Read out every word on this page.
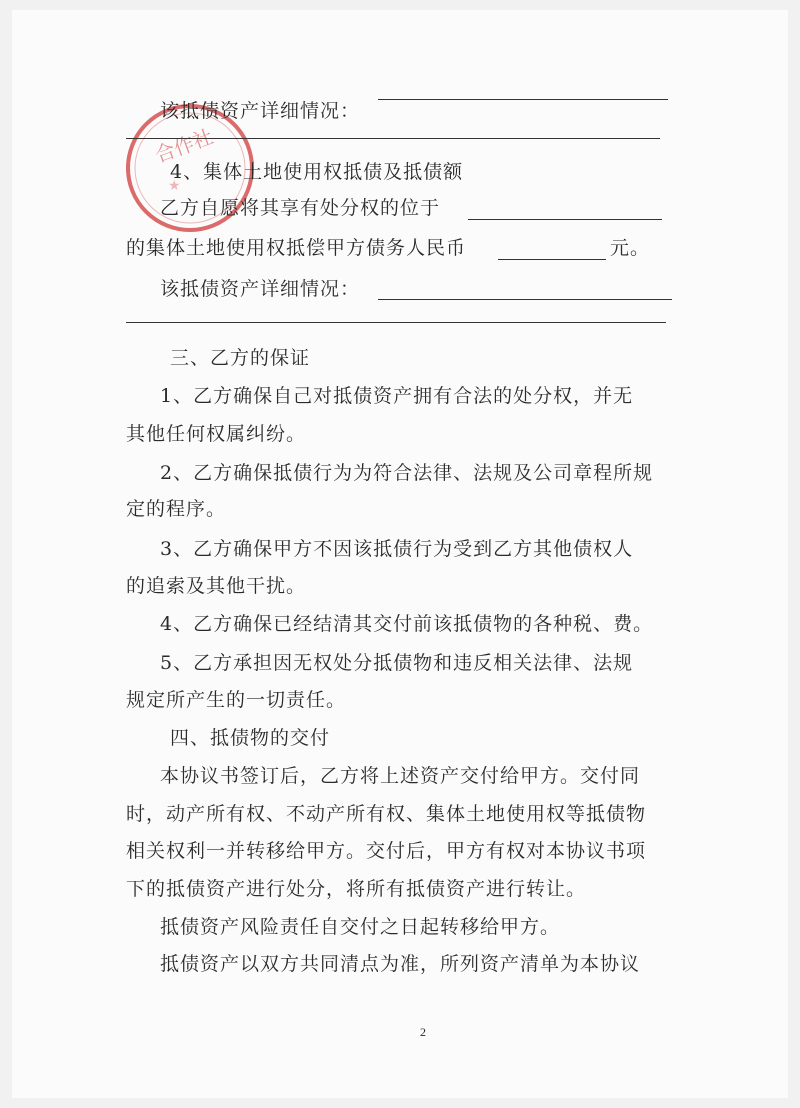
合作社
★
该抵债资产详细情况：
4、集体土地使用权抵债及抵债额
乙方自愿将其享有处分权的位于
的集体土地使用权抵偿甲方债务人民币	元。
该抵债资产详细情况：
三、乙方的保证
1、乙方确保自己对抵债资产拥有合法的处分权，并无
其他任何权属纠纷。
2、乙方确保抵债行为为符合法律、法规及公司章程所规
定的程序。
3、乙方确保甲方不因该抵债行为受到乙方其他债权人
的追索及其他干扰。
4、乙方确保已经结清其交付前该抵债物的各种税、费。
5、乙方承担因无权处分抵债物和违反相关法律、法规
规定所产生的一切责任。
四、抵债物的交付
本协议书签订后，乙方将上述资产交付给甲方。交付同
时，动产所有权、不动产所有权、集体土地使用权等抵债物
相关权利一并转移给甲方。交付后，甲方有权对本协议书项
下的抵债资产进行处分，将所有抵债资产进行转让。
抵债资产风险责任自交付之日起转移给甲方。
抵债资产以双方共同清点为准，所列资产清单为本协议
2
